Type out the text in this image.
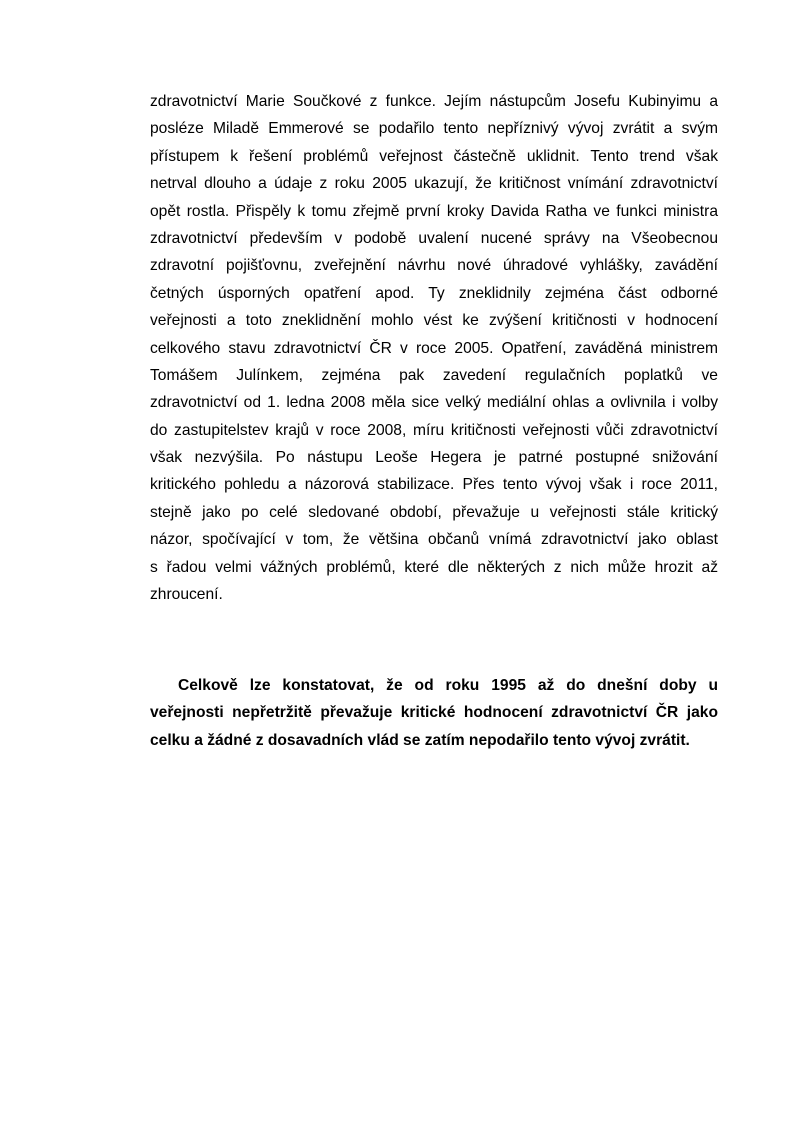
zdravotnictví Marie Součkové z funkce. Jejím nástupcům Josefu Kubinyimu a
posléze Miladě Emmerové se podařilo tento nepříznivý vývoj zvrátit a svým
přístupem k řešení problémů veřejnost částečně uklidnit. Tento trend však
netrval dlouho a údaje z roku 2005 ukazují, že kritičnost vnímání zdravotnictví
opět rostla. Přispěly k tomu zřejmě první kroky Davida Ratha ve funkci ministra
zdravotnictví především v podobě uvalení nucené správy na Všeobecnou
zdravotní pojišťovnu, zveřejnění návrhu nové úhradové vyhlášky, zavádění
četných úsporných opatření apod. Ty zneklidnily zejména část odborné
veřejnosti a toto zneklidnění mohlo vést ke zvýšení kritičnosti v hodnocení
celkového stavu zdravotnictví ČR v roce 2005. Opatření, zaváděná ministrem
Tomášem Julínkem, zejména pak zavedení regulačních poplatků ve
zdravotnictví od 1. ledna 2008 měla sice velký mediální ohlas a ovlivnila i volby
do zastupitelstev krajů v roce 2008, míru kritičnosti veřejnosti vůči zdravotnictví
však nezvýšila. Po nástupu Leoše Hegera je patrné postupné snižování
kritického pohledu a názorová stabilizace. Přes tento vývoj však i roce 2011,
stejně jako po celé sledované období, převažuje u veřejnosti stále kritický
názor, spočívající v tom, že většina občanů vnímá zdravotnictví jako oblast
s řadou velmi vážných problémů, které dle některých z nich může hrozit až
zhroucení.
Celkově lze konstatovat, že od roku 1995 až do dnešní doby u
veřejnosti nepřetržitě převažuje kritické hodnocení zdravotnictví ČR jako
celku a žádné z dosavadních vlád se zatím nepodařilo tento vývoj zvrátit.
